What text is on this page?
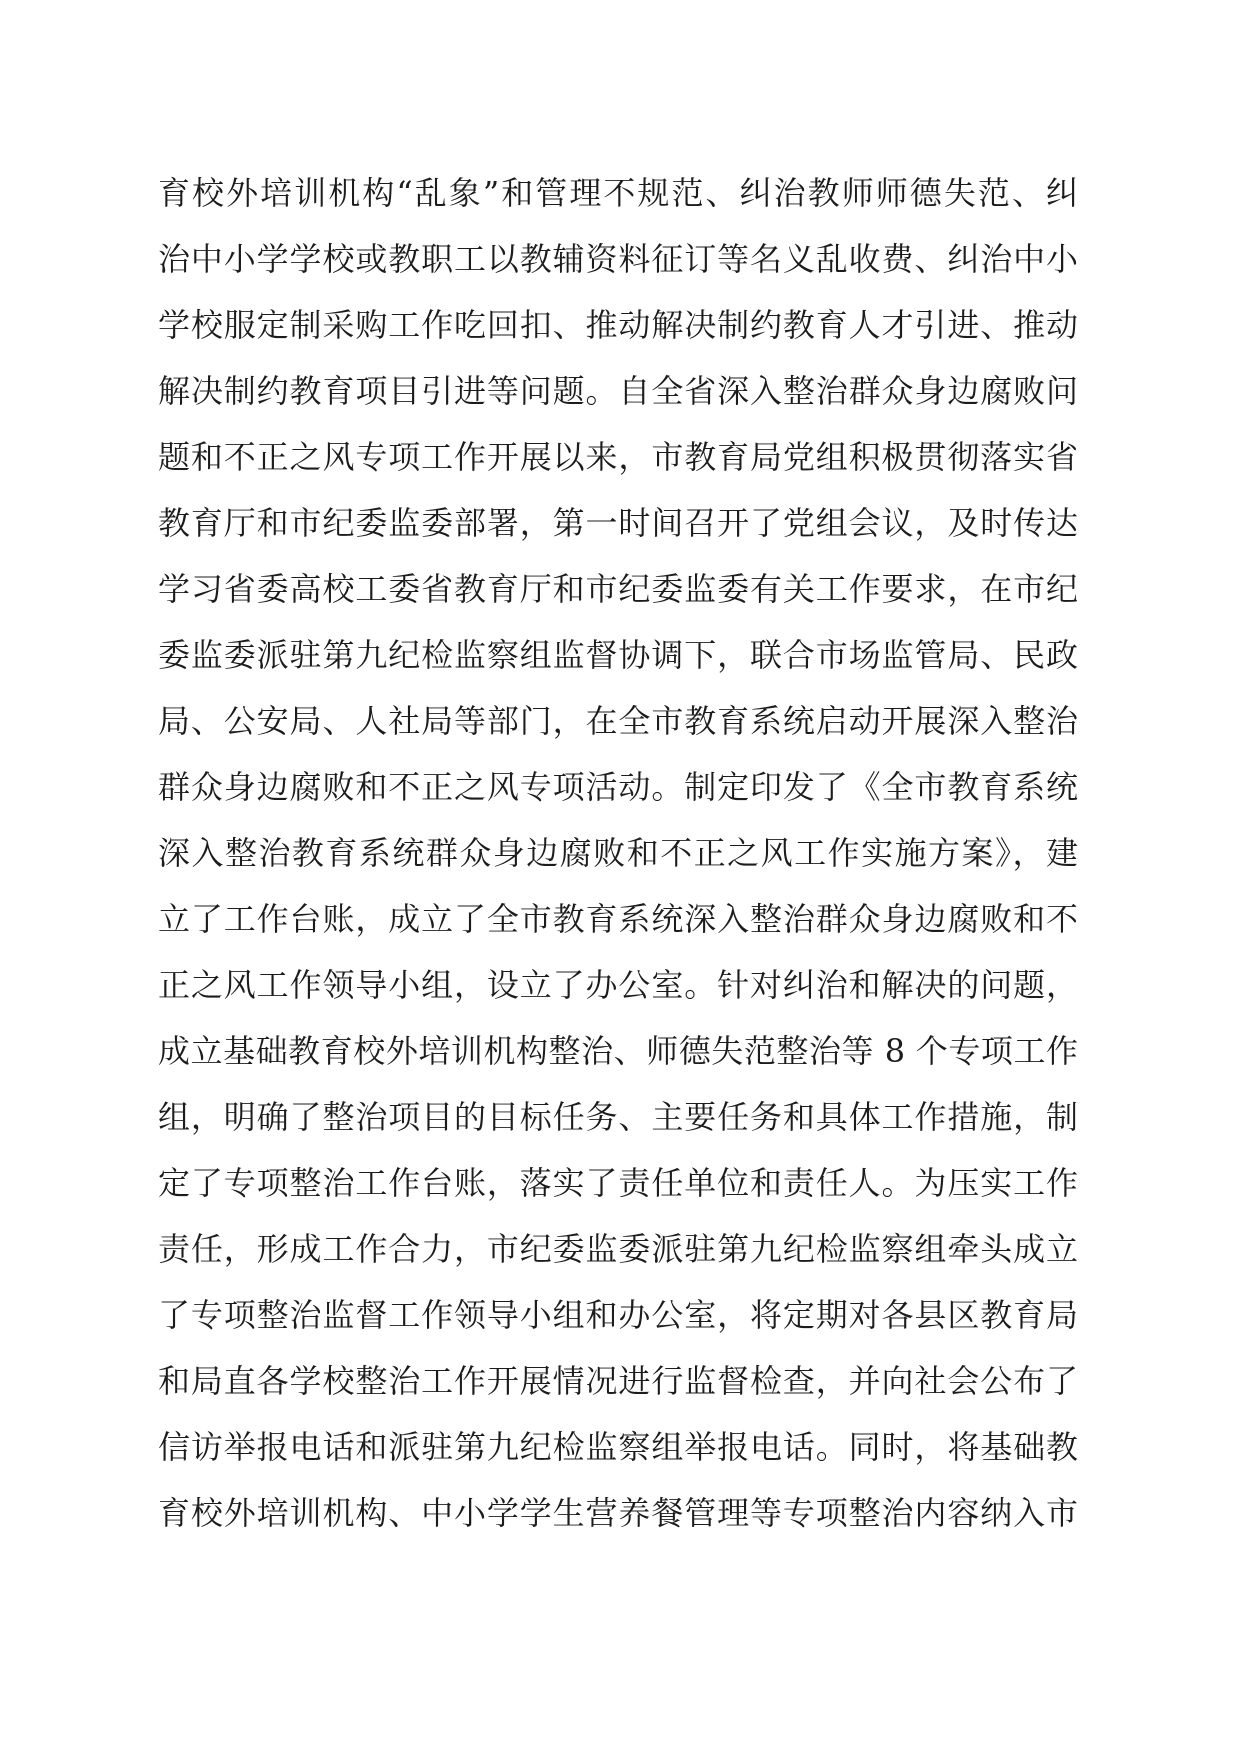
育校外培训机构“乱象”和管理不规范、纠治教师师德失范、纠
治中小学学校或教职工以教辅资料征订等名义乱收费、纠治中小
学校服定制采购工作吃回扣、推动解决制约教育人才引进、推动
解决制约教育项目引进等问题。自全省深入整治群众身边腐败问
题和不正之风专项工作开展以来，市教育局党组积极贯彻落实省
教育厅和市纪委监委部署，第一时间召开了党组会议，及时传达
学习省委高校工委省教育厅和市纪委监委有关工作要求，在市纪
委监委派驻第九纪检监察组监督协调下，联合市场监管局、民政
局、公安局、人社局等部门，在全市教育系统启动开展深入整治
群众身边腐败和不正之风专项活动。制定印发了《全市教育系统
深入整治教育系统群众身边腐败和不正之风工作实施方案》，建
立了工作台账，成立了全市教育系统深入整治群众身边腐败和不
正之风工作领导小组，设立了办公室。针对纠治和解决的问题，
成立基础教育校外培训机构整治、师德失范整治等 8 个专项工作
组，明确了整治项目的目标任务、主要任务和具体工作措施，制
定了专项整治工作台账，落实了责任单位和责任人。为压实工作
责任，形成工作合力，市纪委监委派驻第九纪检监察组牵头成立
了专项整治监督工作领导小组和办公室，将定期对各县区教育局
和局直各学校整治工作开展情况进行监督检查，并向社会公布了
信访举报电话和派驻第九纪检监察组举报电话。同时，将基础教
育校外培训机构、中小学学生营养餐管理等专项整治内容纳入市
